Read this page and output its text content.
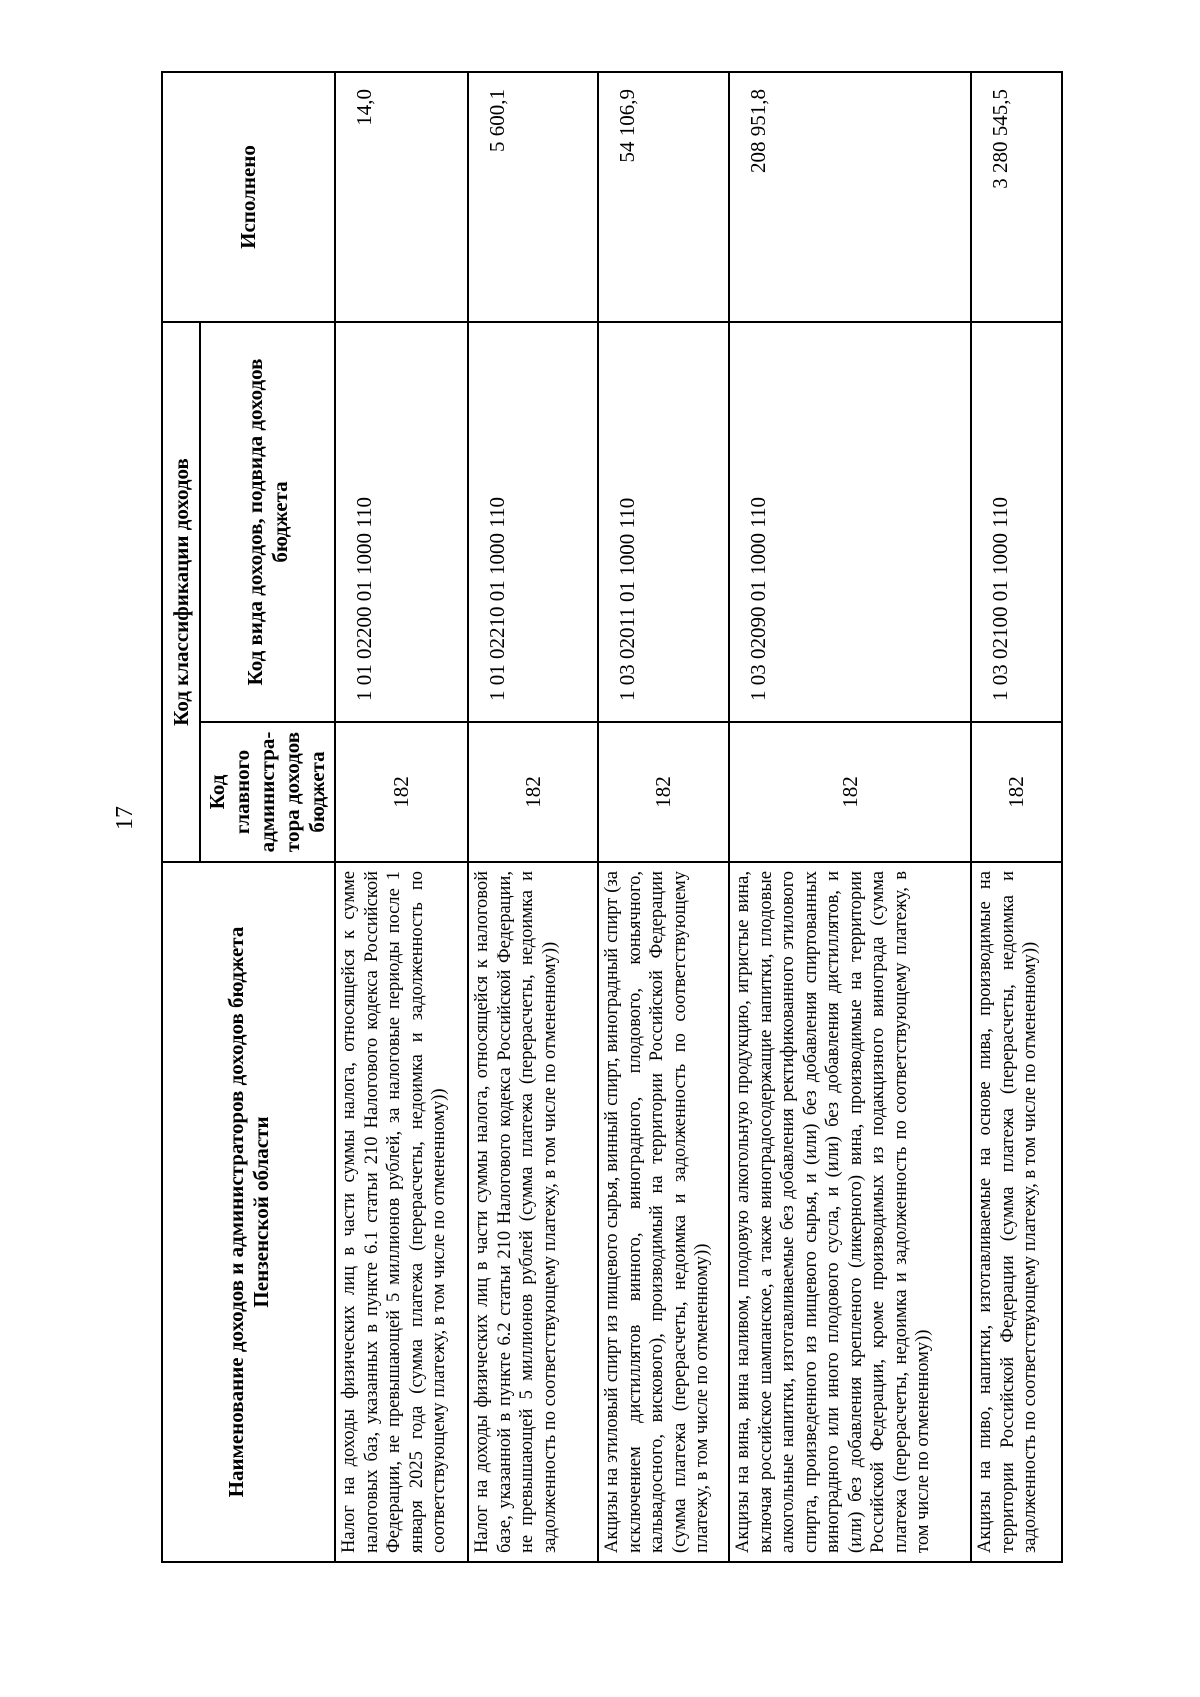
17
Наименование доходов и администраторов доходов бюджета Пензенской области	Код классификации доходов		Исполнено
	Код главного администра-тора доходов бюджета	Код вида доходов, подвида доходов бюджета	
Налог на доходы физических лиц в части суммы налога, относящейся к сумме налоговых баз, указанных в пункте 6.1 статьи 210 Налогового кодекса Российской Федерации, не превышающей 5 миллионов рублей, за налоговые периоды после 1 января 2025 года (сумма платежа (перерасчеты, недоимка и задолженность по соответствующему платежу, в том числе по отмененному))	182	1 01 02200 01 1000 110	14,0
Налог на доходы физических лиц в части суммы налога, относящейся к налоговой базе, указанной в пункте 6.2 статьи 210 Налогового кодекса Российской Федерации, не превышающей 5 миллионов рублей (сумма платежа (перерасчеты, недоимка и задолженность по соответствующему платежу, в том числе по отмененному))	182	1 01 02210 01 1000 110	5 600,1
Акцизы на этиловый спирт из пищевого сырья, винный спирт, виноградный спирт (за исключением дистиллятов винного, виноградного, плодового, коньячного, кальвадосного, вискового), производимый на территории Российской Федерации (сумма платежа (перерасчеты, недоимка и задолженность по соответствующему платежу, в том числе по отмененному))	182	1 03 02011 01 1000 110	54 106,9
Акцизы на вина, вина наливом, плодовую алкогольную продукцию, игристые вина, включая российское шампанское, а также виноградосодержащие напитки, плодовые алкогольные напитки, изготавливаемые без добавления ректификованного этилового спирта, произведенного из пищевого сырья, и (или) без добавления спиртованных виноградного или иного плодового сусла, и (или) без добавления дистиллятов, и (или) без добавления крепленого (ликерного) вина, производимые на территории Российской Федерации, кроме производимых из подакцизного винограда (сумма платежа (перерасчеты, недоимка и задолженность по соответствующему платежу, в том числе по отмененному))	182	1 03 02090 01 1000 110	208 951,8
Акцизы на пиво, напитки, изготавливаемые на основе пива, производимые на территории Российской Федерации (сумма платежа (перерасчеты, недоимка и задолженность по соответствующему платежу, в том числе по отмененному))	182	1 03 02100 01 1000 110	3 280 545,5
